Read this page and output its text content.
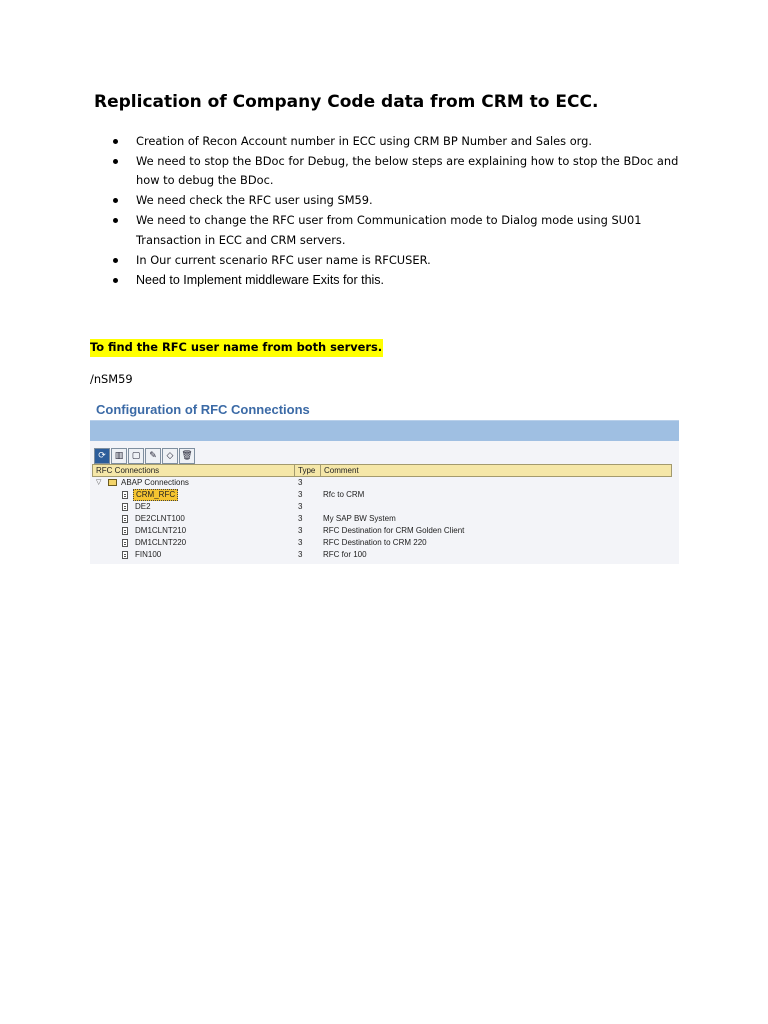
Replication of Company Code data from CRM to ECC.
Creation of Recon Account number in ECC using CRM BP Number and Sales org.
We need to stop the BDoc for Debug, the below steps are explaining how to stop the BDoc and
how to debug the BDoc.
We need check the RFC user using SM59.
We need to change the RFC user from Communication mode to Dialog mode using SU01
Transaction in ECC and CRM servers.
In Our current scenario RFC user name is RFCUSER.
Need to Implement middleware Exits for this.
To find the RFC user name from both servers.
/nSM59
Configuration of RFC Connections
⟳ ▥ ▢ ✎	◇ 🗑
RFC Connections	Type	Comment
▽ ABAP Connections	3
CRM_RFC	3	Rfc to CRM
DE2	3
DE2CLNT100	3	My SAP BW System
DM1CLNT210	3	RFC Destination for CRM Golden Client
DM1CLNT220	3	RFC Destination to CRM 220
FIN100	3	RFC for 100
